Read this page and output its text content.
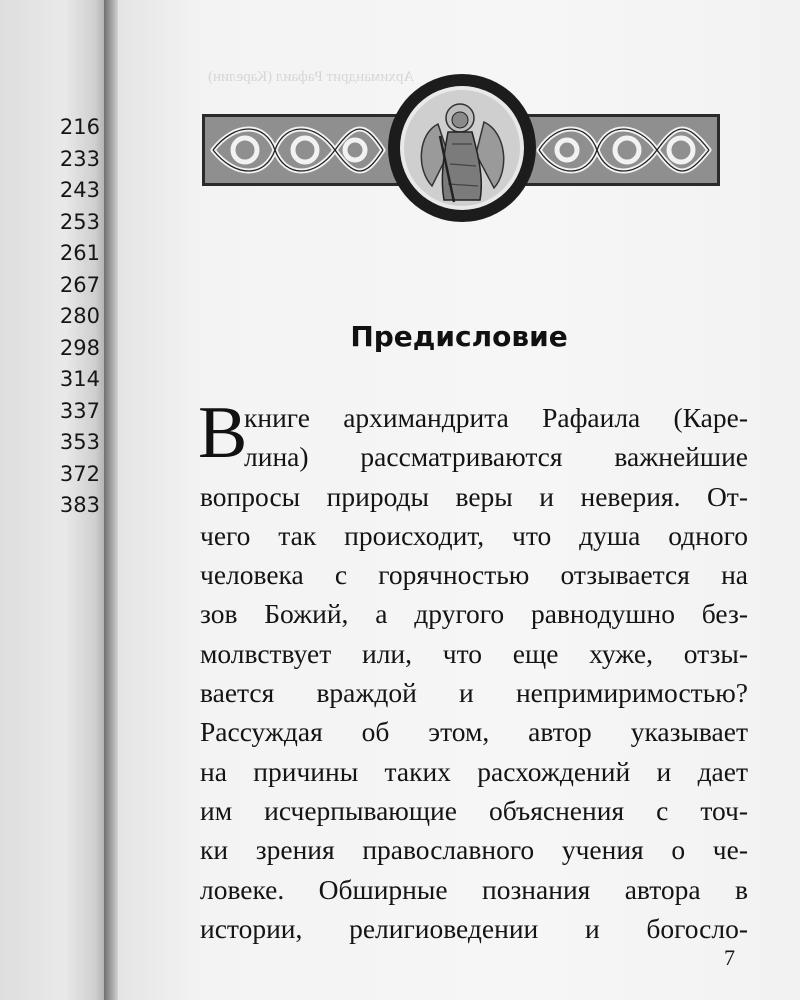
216
233
243
253
261
267
280
298
314
337
353
372
383
Архимандрит Рафаил (Карелин)
Предисловие
В
книге архимандрита Рафаила (Каре-
лина) рассматриваются важнейшие
вопросы природы веры и неверия. От-
чего так происходит, что душа одного
человека с горячностью отзывается на
зов Божий, а другого равнодушно без-
молвствует или, что еще хуже, отзы-
вается враждой и непримиримостью?
Рассуждая об этом, автор указывает
на причины таких расхождений и дает
им исчерпывающие объяснения с точ-
ки зрения православного учения о че-
ловеке. Обширные познания автора в
истории, религиоведении и богосло-
7
